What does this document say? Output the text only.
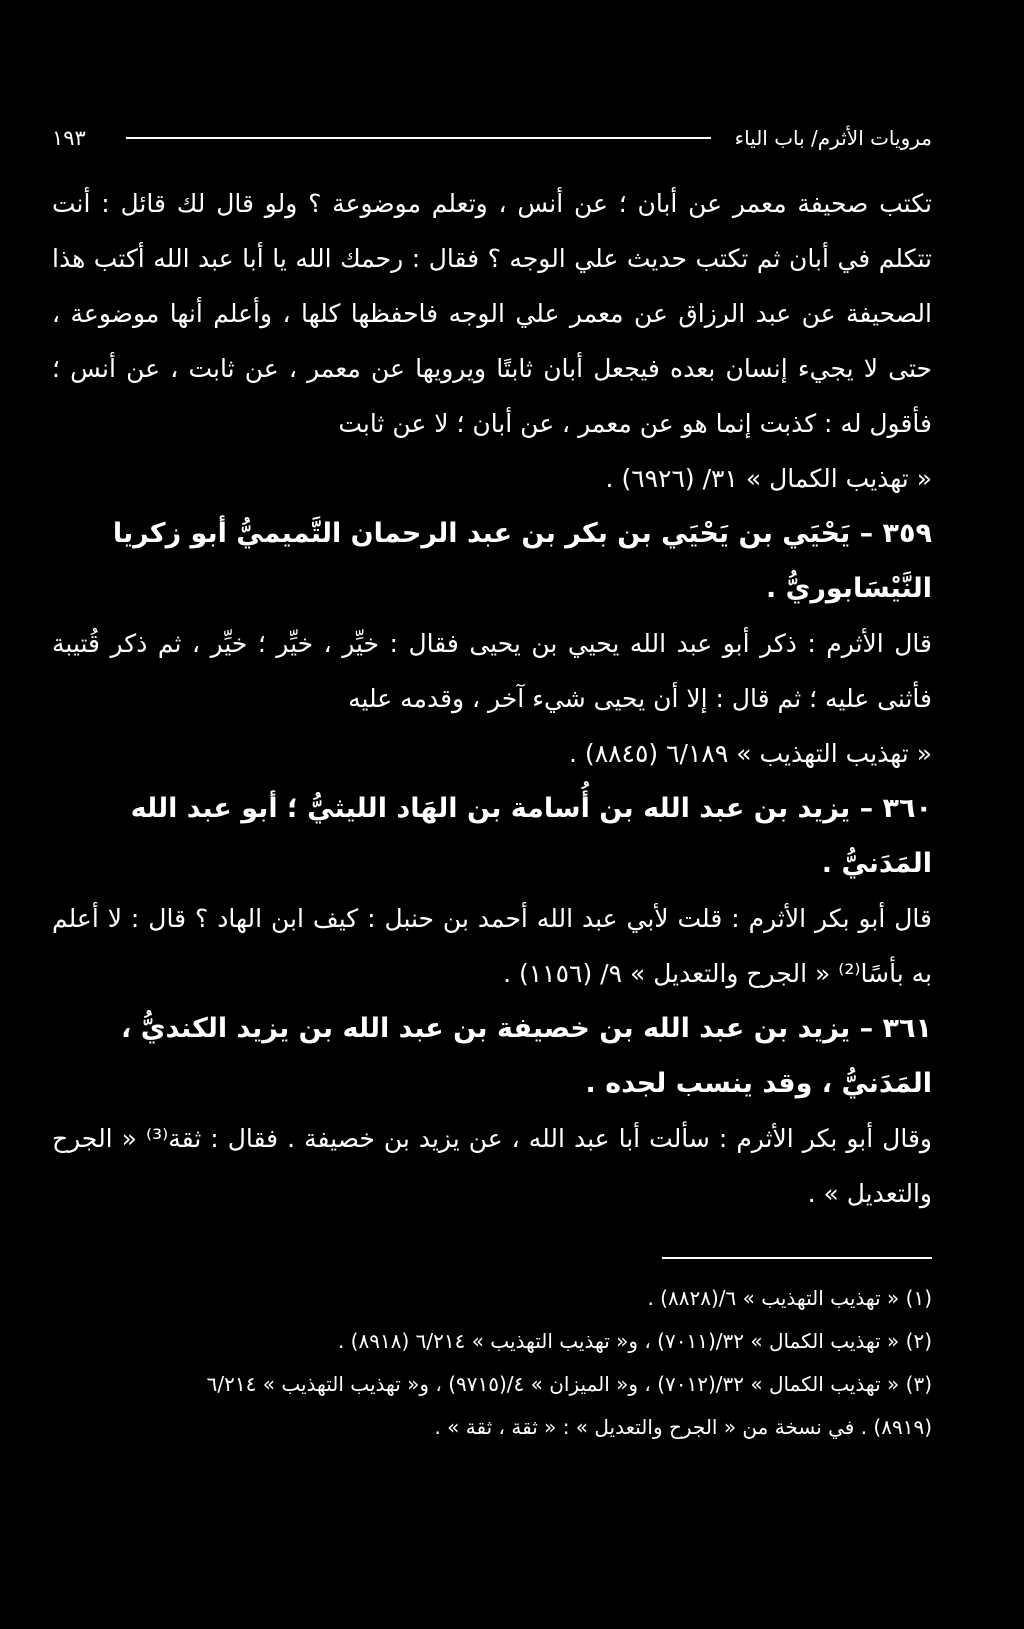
مرويات الأثرم/ باب الياء
١٩٣

تكتب صحيفة معمر عن أبان ؛ عن أنس ، وتعلم موضوعة ؟ ولو قال لك قائل : أنت تتكلم في أبان ثم تكتب حديث علي الوجه ؟ فقال : رحمك الله يا أبا عبد الله أكتب هذا الصحيفة عن عبد الرزاق عن معمر علي الوجه فاحفظها كلها ، وأعلم أنها موضوعة ، حتى لا يجيء إنسان بعده فيجعل أبان ثابتًا ويرويها عن معمر ، عن ثابت ، عن أنس ؛ فأقول له : كذبت إنما هو عن معمر ، عن أبان ؛ لا عن ثابت
« تهذيب الكمال » ٣١/ (٦٩٢٦) .

٣٥٩ – يَحْيَي بن يَحْيَي بن بكر بن عبد الرحمان التَّميميُّ أبو زكريا النَّيْسَابوريُّ .

قال الأثرم : ذكر أبو عبد الله يحيي بن يحيى فقال : خيِّر ، خيِّر ؛ خيِّر ، ثم ذكر قُتيبة فأثنى عليه ؛ ثم قال : إلا أن يحيى شيء آخر ، وقدمه عليه
« تهذيب التهذيب » ٦/١٨٩ (٨٨٤٥) .

٣٦٠ – يزيد بن عبد الله بن أُسامة بن الهَاد الليثيُّ ؛ أبو عبد الله المَدَنيُّ .

قال أبو بكر الأثرم : قلت لأبي عبد الله أحمد بن حنبل : كيف ابن الهاد ؟ قال : لا أعلم به بأسًا⁽²⁾ « الجرح والتعديل » ٩/ (١١٥٦) .

٣٦١ – يزيد بن عبد الله بن خصيفة بن عبد الله بن يزيد الكنديُّ ، المَدَنيُّ ، وقد ينسب لجده .

وقال أبو بكر الأثرم : سألت أبا عبد الله ، عن يزيد بن خصيفة . فقال : ثقة⁽³⁾ « الجرح والتعديل » .

(١) « تهذيب التهذيب » ٦/(٨٨٢٨) .

(٢) « تهذيب الكمال » ٣٢/(٧٠١١) ، و« تهذيب التهذيب » ٦/٢١٤ (٨٩١٨) .

(٣) « تهذيب الكمال » ٣٢/(٧٠١٢) ، و« الميزان » ٤/(٩٧١٥) ، و« تهذيب التهذيب » ٦/٢١٤

(٨٩١٩) . في نسخة من « الجرح والتعديل » : « ثقة ، ثقة » .
